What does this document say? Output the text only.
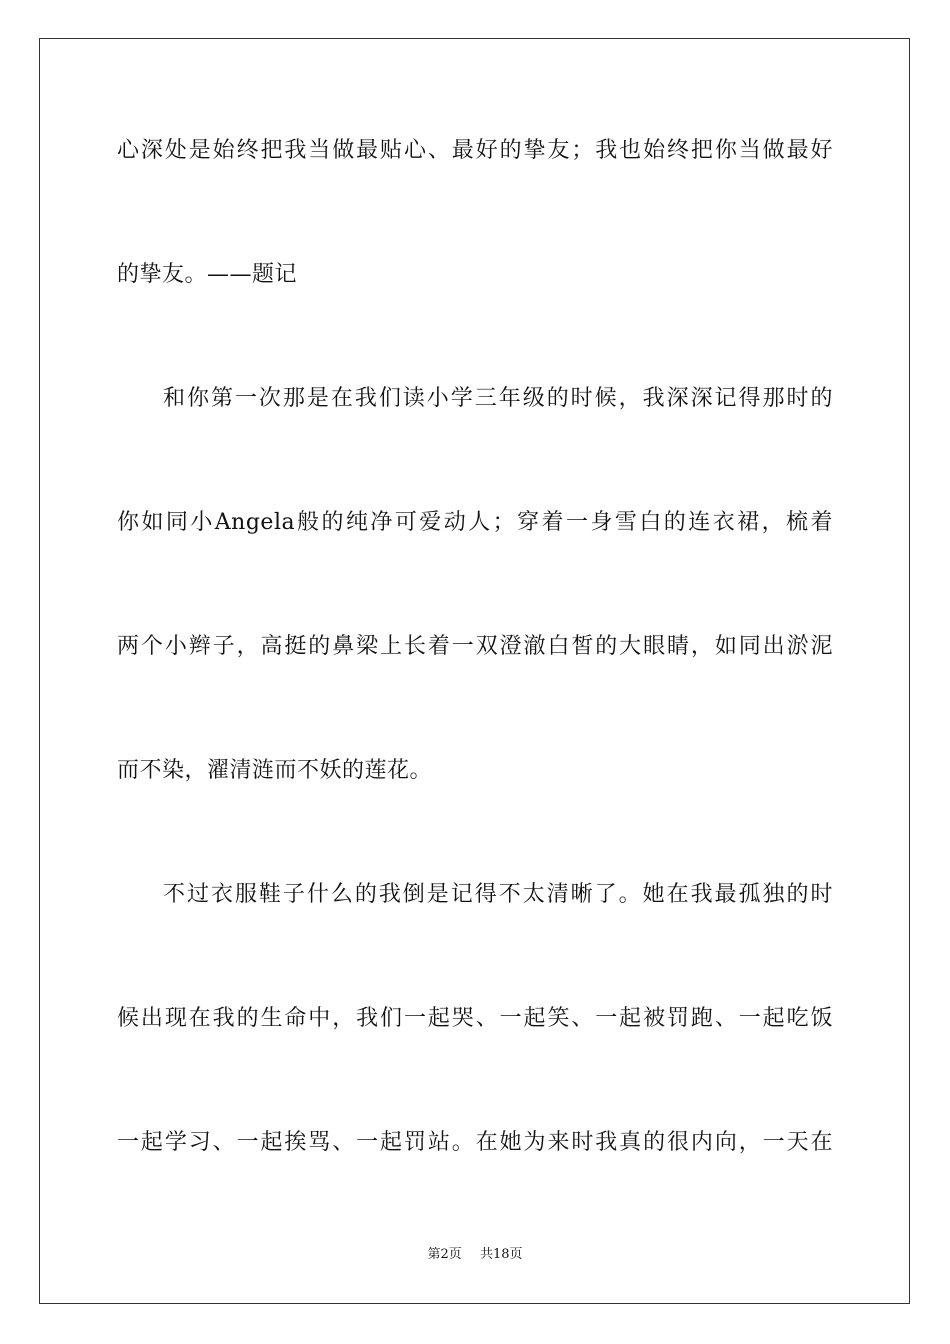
心深处是始终把我当做最贴心、最好的挚友；我也始终把你当做最好
的挚友。——题记
和你第一次那是在我们读小学三年级的时候，我深深记得那时的
你如同小Angela般的纯净可爱动人；穿着一身雪白的连衣裙，梳着
两个小辫子，高挺的鼻梁上长着一双澄澈白皙的大眼睛，如同出淤泥
而不染，濯清涟而不妖的莲花。
不过衣服鞋子什么的我倒是记得不太清晰了。她在我最孤独的时
候出现在我的生命中，我们一起哭、一起笑、一起被罚跑、一起吃饭
一起学习、一起挨骂、一起罚站。在她为来时我真的很内向，一天在
第2页 共18页
